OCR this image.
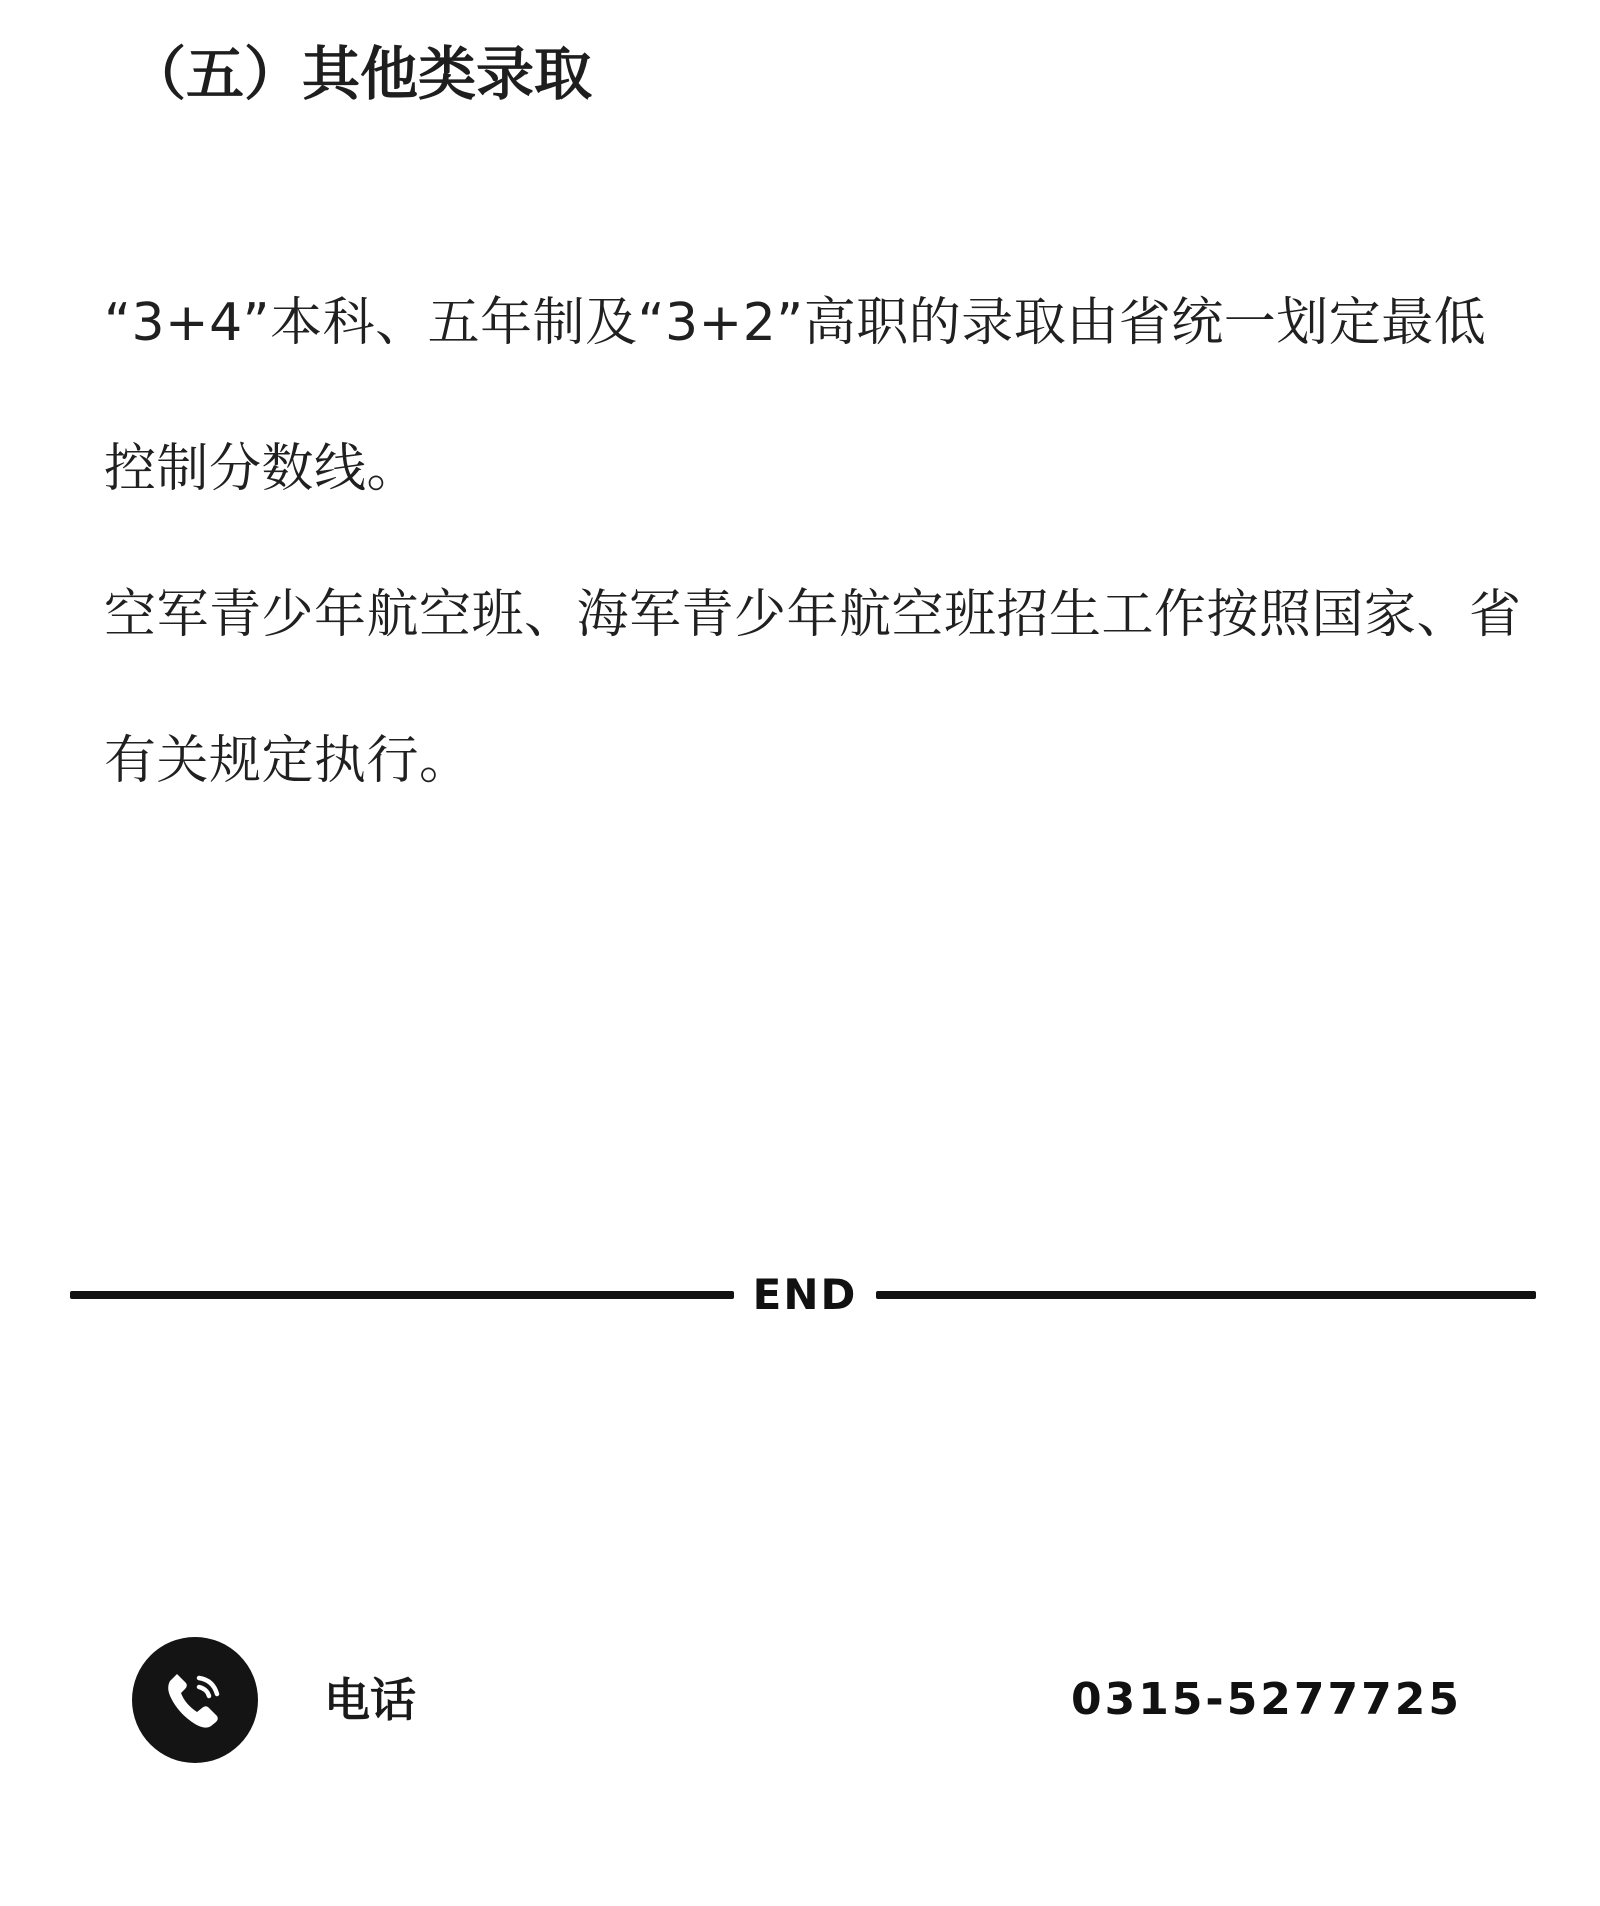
（五）其他类录取

“3+4”本科、五年制及“3+2”高职的录取由省统一划定最低控制分数线。

空军青少年航空班、海军青少年航空班招生工作按照国家、省有关规定执行。

END
电话	0315-5277725
